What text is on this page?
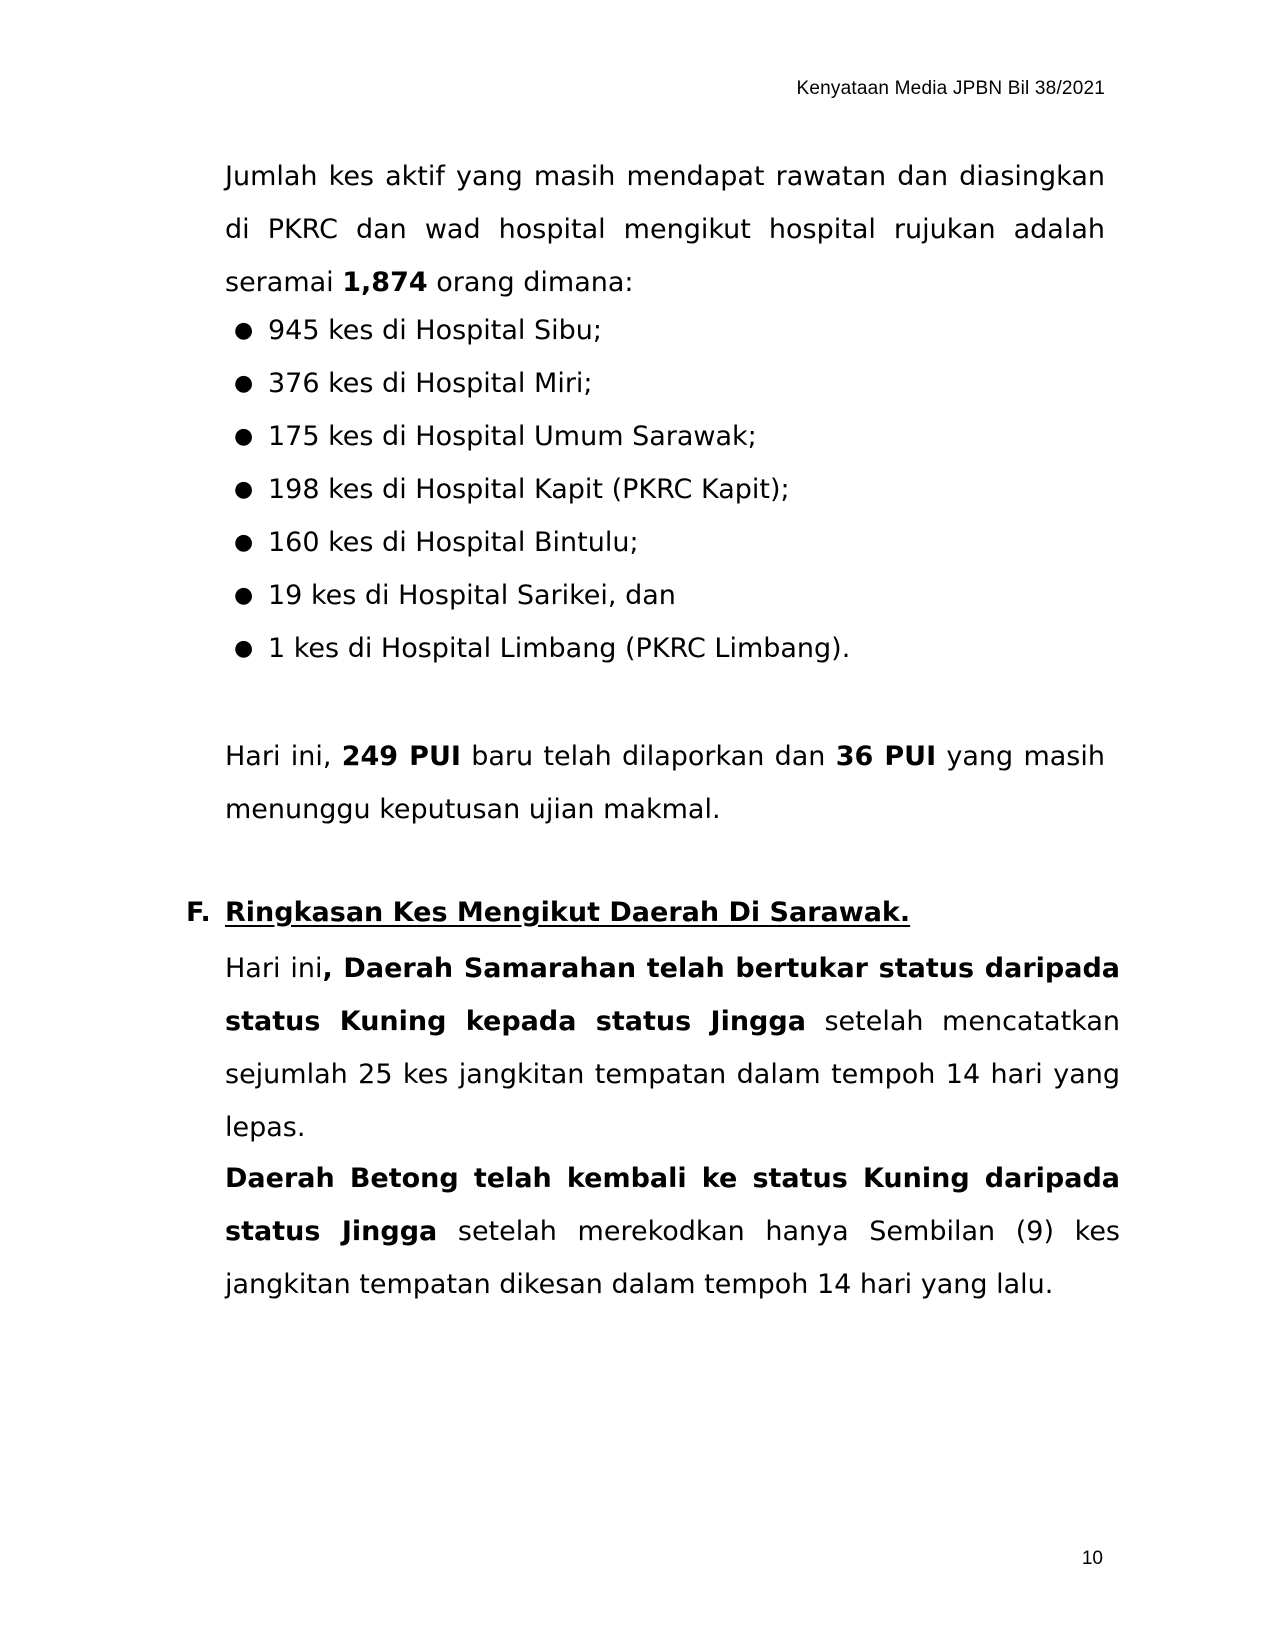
Kenyataan Media JPBN Bil 38/2021
Jumlah kes aktif yang masih mendapat rawatan dan diasingkan di PKRC dan wad hospital mengikut hospital rujukan adalah seramai 1,874 orang dimana:
● 945 kes di Hospital Sibu;
● 376 kes di Hospital Miri;
● 175 kes di Hospital Umum Sarawak;
● 198 kes di Hospital Kapit (PKRC Kapit);
● 160 kes di Hospital Bintulu;
● 19 kes di Hospital Sarikei, dan
● 1 kes di Hospital Limbang (PKRC Limbang).
Hari ini, 249 PUI baru telah dilaporkan dan 36 PUI yang masih menunggu keputusan ujian makmal.
F. Ringkasan Kes Mengikut Daerah Di Sarawak.
Hari ini, Daerah Samarahan telah bertukar status daripada status Kuning kepada status Jingga setelah mencatatkan sejumlah 25 kes jangkitan tempatan dalam tempoh 14 hari yang lepas.
Daerah Betong telah kembali ke status Kuning daripada status Jingga setelah merekodkan hanya Sembilan (9) kes jangkitan tempatan dikesan dalam tempoh 14 hari yang lalu.
10
